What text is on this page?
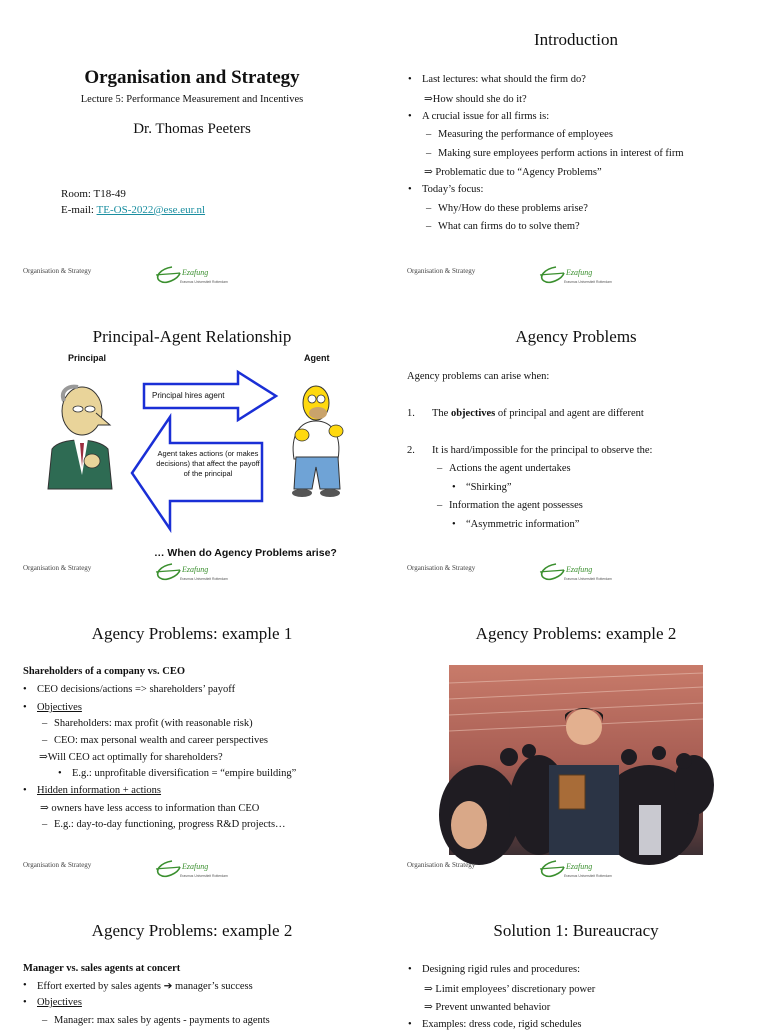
Organisation and Strategy
Lecture 5: Performance Measurement and Incentives
Dr. Thomas Peeters
Room: T18-49
E-mail: TE-OS-2022@ese.eur.nl
Organisation & Strategy	Ezafung
Erasmus Universiteit Rotterdam
Introduction
• Last lectures: what should the firm do?
⇒How should she do it?
• A crucial issue for all firms is:
– Measuring the performance of employees
– Making sure employees perform actions in interest of firm
⇒ Problematic due to “Agency Problems”
• Today’s focus:
– Why/How do these problems arise?
– What can firms do to solve them?
Organisation & Strategy	Ezafung
Erasmus Universiteit Rotterdam
Principal-Agent Relationship
Principal	Agent
Principal hires agent
Agent takes actions (or makes decisions) that affect the payoff of the principal
… When do Agency Problems arise?
Organisation & Strategy	Ezafung
Erasmus Universiteit Rotterdam
Agency Problems
Agency problems can arise when:
1. The objectives of principal and agent are different
2. It is hard/impossible for the principal to observe the:
– Actions the agent undertakes
• “Shirking”
– Information the agent possesses
• “Asymmetric information”
Organisation & Strategy	Ezafung
Erasmus Universiteit Rotterdam
Agency Problems: example 1
Shareholders of a company vs. CEO
• CEO decisions/actions => shareholders’ payoff
• Objectives
– Shareholders: max profit (with reasonable risk)
– CEO: max personal wealth and career perspectives
⇒Will CEO act optimally for shareholders?
• E.g.: unprofitable diversification = “empire building”
• Hidden information + actions
⇒ owners have less access to information than CEO
– E.g.: day-to-day functioning, progress R&D projects…
Organisation & Strategy	Ezafung
Erasmus Universiteit Rotterdam
Agency Problems: example 2
Organisation & Strategy	Ezafung
Erasmus Universiteit Rotterdam
Agency Problems: example 2
Manager vs. sales agents at concert
• Effort exerted by sales agents ➔ manager’s success
• Objectives
– Manager: max sales by agents - payments to agents
Solution 1: Bureaucracy
• Designing rigid rules and procedures:
⇒ Limit employees’ discretionary power
⇒ Prevent unwanted behavior
• Examples: dress code, rigid schedules
